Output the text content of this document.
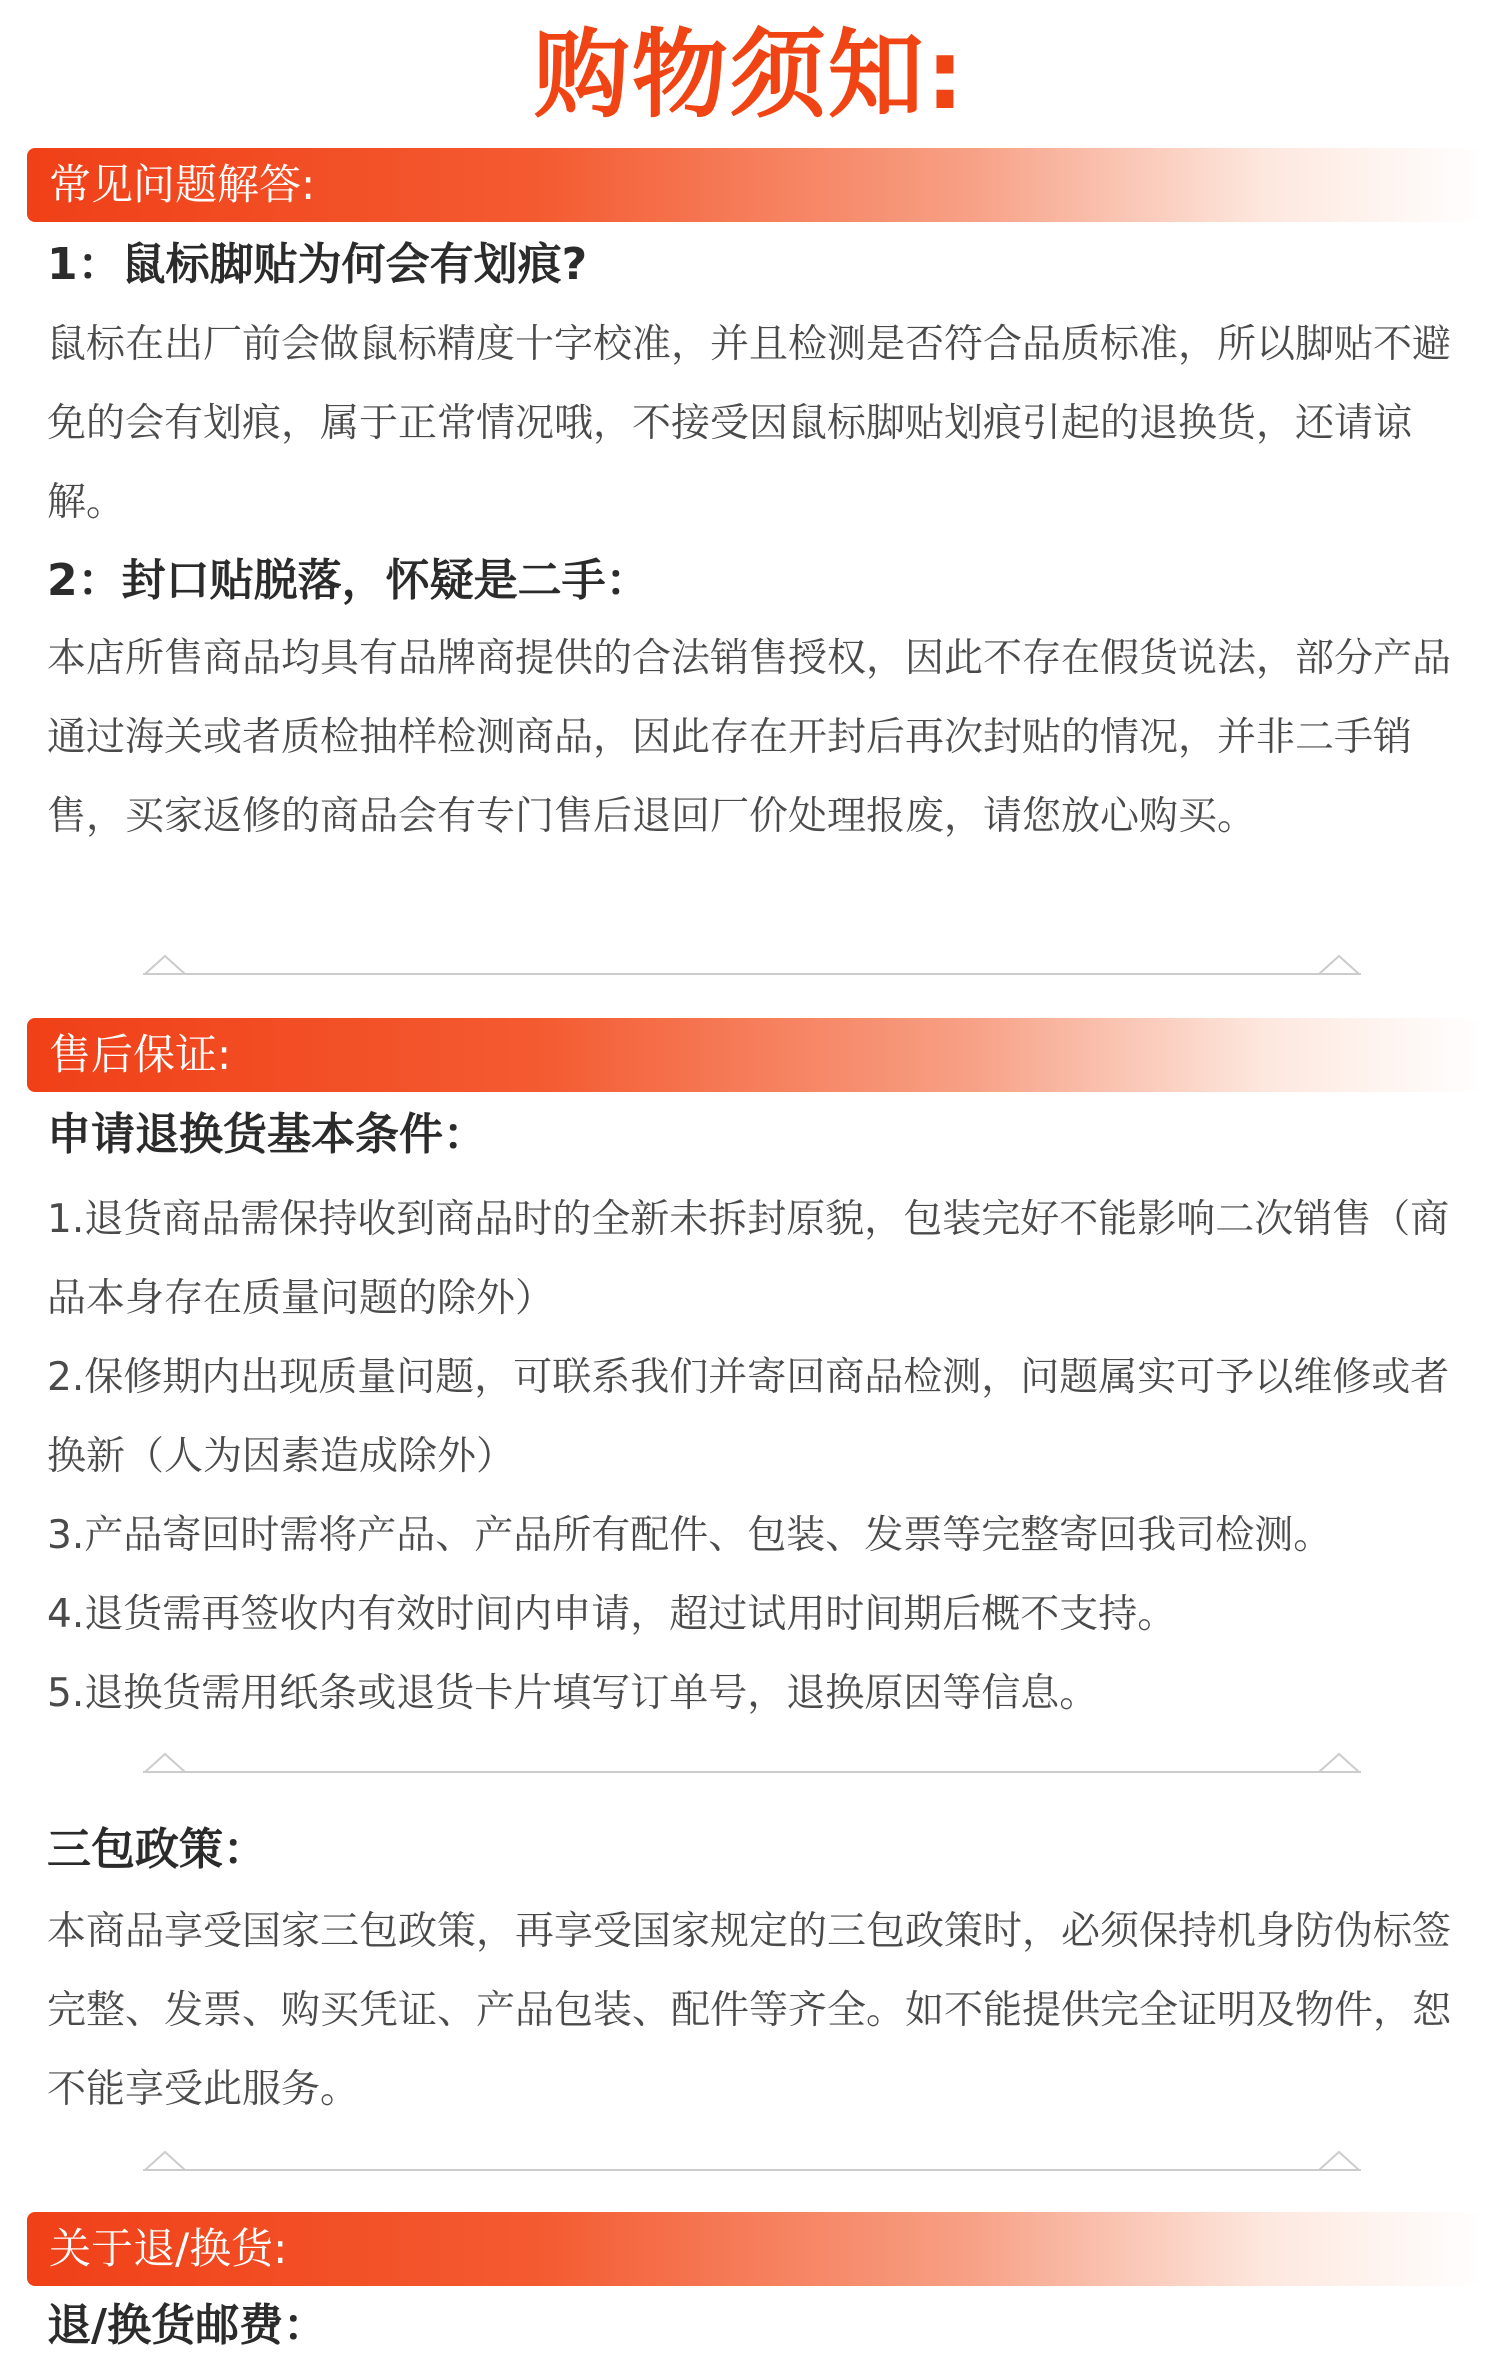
购物须知:
常见问题解答:
1：鼠标脚贴为何会有划痕?
鼠标在出厂前会做鼠标精度十字校准，并且检测是否符合品质标准，所以脚贴不避免的会有划痕，属于正常情况哦，不接受因鼠标脚贴划痕引起的退换货，还请谅解。
2：封口贴脱落，怀疑是二手：
本店所售商品均具有品牌商提供的合法销售授权，因此不存在假货说法，部分产品通过海关或者质检抽样检测商品，因此存在开封后再次封贴的情况，并非二手销售，买家返修的商品会有专门售后退回厂价处理报废，请您放心购买。
售后保证:
申请退换货基本条件：
1.退货商品需保持收到商品时的全新未拆封原貌，包装完好不能影响二次销售（商品本身存在质量问题的除外）
2.保修期内出现质量问题，可联系我们并寄回商品检测，问题属实可予以维修或者换新（人为因素造成除外）
3.产品寄回时需将产品、产品所有配件、包装、发票等完整寄回我司检测。
4.退货需再签收内有效时间内申请，超过试用时间期后概不支持。
5.退换货需用纸条或退货卡片填写订单号，退换原因等信息。
三包政策：
本商品享受国家三包政策，再享受国家规定的三包政策时，必须保持机身防伪标签完整、发票、购买凭证、产品包装、配件等齐全。如不能提供完全证明及物件，恕不能享受此服务。
关于退/换货:
退/换货邮费：
